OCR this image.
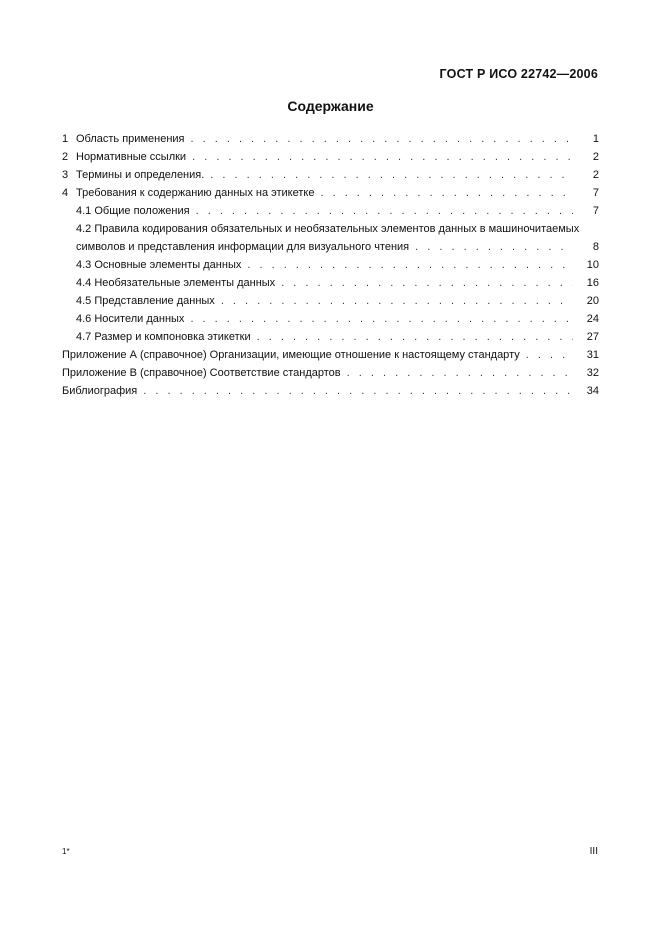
ГОСТ Р ИСО 22742—2006
Содержание
1 Область применения . . .	1
2 Нормативные ссылки . . .	2
3 Термины и определения. . . .	2
4 Требования к содержанию данных на этикетке . . .	7
4.1 Общие положения . . .	7
4.2 Правила кодирования обязательных и необязательных элементов данных в машиночитаемых
символов и представления информации для визуального чтения . . .	8
4.3 Основные элементы данных . . .	10
4.4 Необязательные элементы данных . . .	16
4.5 Представление данных . . .	20
4.6 Носители данных . . .	24
4.7 Размер и компоновка этикетки . . .	27
Приложение А (справочное) Организации, имеющие отношение к настоящему стандарту . . .	31
Приложение В (справочное) Соответствие стандартов . . .	32
Библиография . . .	34
1*	III
